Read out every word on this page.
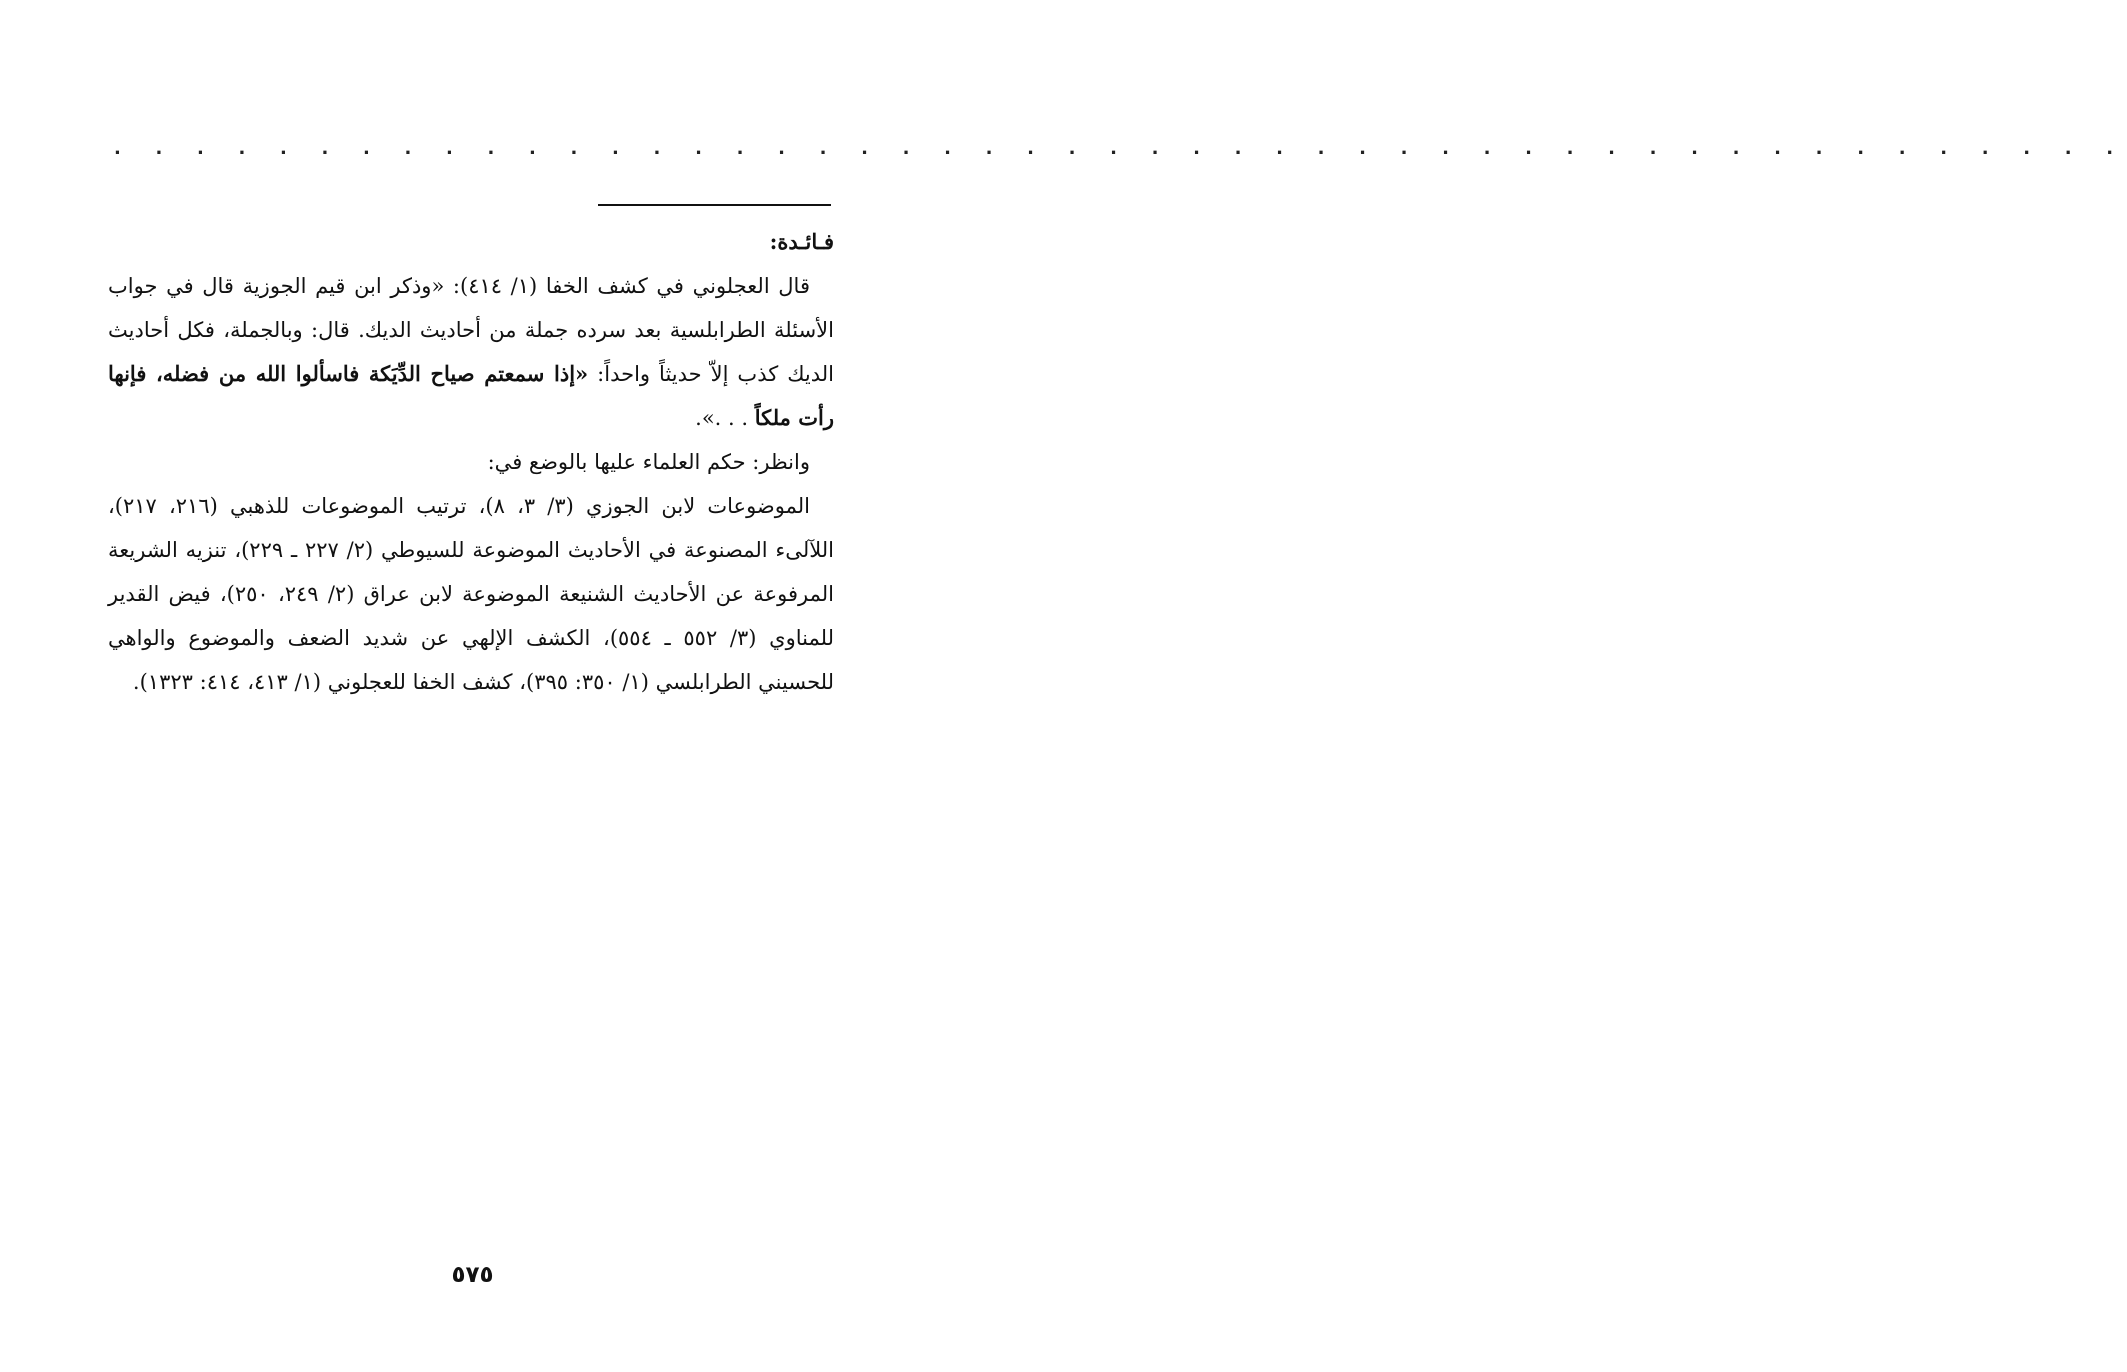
. . . . . . . . . . . . . . . . . . . . . . . . . . . . . . . . . . . . . . . . . . . . . . . . .

فـائـدة:

قال العجلوني في كشف الخفا (١/ ٤١٤): «وذكر ابن قيم الجوزية قال في جواب الأسئلة الطرابلسية بعد سرده جملة من أحاديث الديك. قال: وبالجملة، فكل أحاديث الديك كذب إلاّ حديثاً واحداً: «إذا سمعتم صياح الدِّيَكة فاسألوا الله من فضله، فإنها رأت ملكاً . . .».

وانظر: حكم العلماء عليها بالوضع في:

الموضوعات لابن الجوزي (٣/ ٣، ٨)، ترتيب الموضوعات للذهبي (٢١٦، ٢١٧)، اللآلىء المصنوعة في الأحاديث الموضوعة للسيوطي (٢/ ٢٢٧ ـ ٢٢٩)، تنزيه الشريعة المرفوعة عن الأحاديث الشنيعة الموضوعة لابن عراق (٢/ ٢٤٩، ٢٥٠)، فيض القدير للمناوي (٣/ ٥٥٢ ـ ٥٥٤)، الكشف الإلهي عن شديد الضعف والموضوع والواهي للحسيني الطرابلسي (١/ ٣٥٠: ٣٩٥)، كشف الخفا للعجلوني (١/ ٤١٣، ٤١٤: ١٣٢٣).

٥٧٥
